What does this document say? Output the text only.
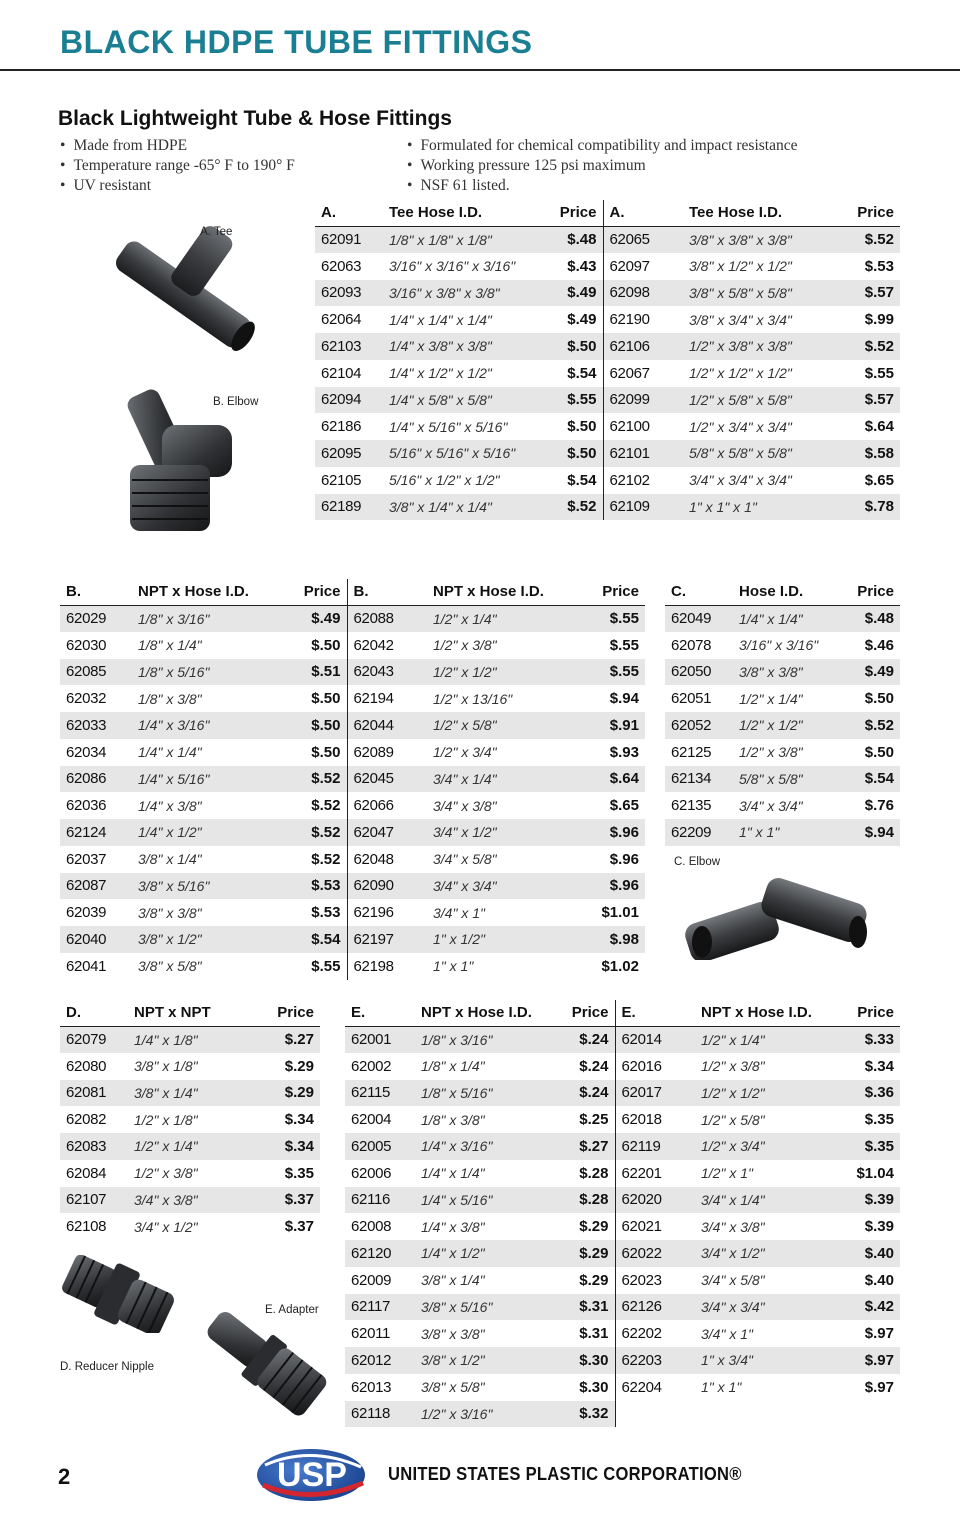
BLACK HDPE TUBE FITTINGS
Black Lightweight Tube & Hose Fittings
• Made from HDPE
• Temperature range -65° F to 190° F
• UV resistant
• Formulated for chemical compatibility and impact resistance
• Working pressure 125 psi maximum
• NSF 61 listed.
A. Tee
B. Elbow
C. Elbow
D. Reducer Nipple
E. Adapter
A.	Tee Hose I.D.	Price	A.	Tee Hose I.D.	Price
62091	1/8" x 1/8" x 1/8"	$.48	62065	3/8" x 3/8" x 3/8"	$.52
62063	3/16" x 3/16" x 3/16"	$.43	62097	3/8" x 1/2" x 1/2"	$.53
62093	3/16" x 3/8" x 3/8"	$.49	62098	3/8" x 5/8" x 5/8"	$.57
62064	1/4" x 1/4" x 1/4"	$.49	62190	3/8" x 3/4" x 3/4"	$.99
62103	1/4" x 3/8" x 3/8"	$.50	62106	1/2" x 3/8" x 3/8"	$.52
62104	1/4" x 1/2" x 1/2"	$.54	62067	1/2" x 1/2" x 1/2"	$.55
62094	1/4" x 5/8" x 5/8"	$.55	62099	1/2" x 5/8" x 5/8"	$.57
62186	1/4" x 5/16" x 5/16"	$.50	62100	1/2" x 3/4" x 3/4"	$.64
62095	5/16" x 5/16" x 5/16"	$.50	62101	5/8" x 5/8" x 5/8"	$.58
62105	5/16" x 1/2" x 1/2"	$.54	62102	3/4" x 3/4" x 3/4"	$.65
62189	3/8" x 1/4" x 1/4"	$.52	62109	1" x 1" x 1"	$.78
B.	NPT x Hose I.D.	Price	B.	NPT x Hose I.D.	Price
62029	1/8" x 3/16"	$.49	62088	1/2" x 1/4"	$.55
62030	1/8" x 1/4"	$.50	62042	1/2" x 3/8"	$.55
62085	1/8" x 5/16"	$.51	62043	1/2" x 1/2"	$.55
62032	1/8" x 3/8"	$.50	62194	1/2" x 13/16"	$.94
62033	1/4" x 3/16"	$.50	62044	1/2" x 5/8"	$.91
62034	1/4" x 1/4"	$.50	62089	1/2" x 3/4"	$.93
62086	1/4" x 5/16"	$.52	62045	3/4" x 1/4"	$.64
62036	1/4" x 3/8"	$.52	62066	3/4" x 3/8"	$.65
62124	1/4" x 1/2"	$.52	62047	3/4" x 1/2"	$.96
62037	3/8" x 1/4"	$.52	62048	3/4" x 5/8"	$.96
62087	3/8" x 5/16"	$.53	62090	3/4" x 3/4"	$.96
62039	3/8" x 3/8"	$.53	62196	3/4" x 1"	$1.01
62040	3/8" x 1/2"	$.54	62197	1" x 1/2"	$.98
62041	3/8" x 5/8"	$.55	62198	1" x 1"	$1.02
C.	Hose I.D.	Price
62049	1/4" x 1/4"	$.48
62078	3/16" x 3/16"	$.46
62050	3/8" x 3/8"	$.49
62051	1/2" x 1/4"	$.50
62052	1/2" x 1/2"	$.52
62125	1/2" x 3/8"	$.50
62134	5/8" x 5/8"	$.54
62135	3/4" x 3/4"	$.76
62209	1" x 1"	$.94
D.	NPT x NPT	Price
62079	1/4" x 1/8"	$.27
62080	3/8" x 1/8"	$.29
62081	3/8" x 1/4"	$.29
62082	1/2" x 1/8"	$.34
62083	1/2" x 1/4"	$.34
62084	1/2" x 3/8"	$.35
62107	3/4" x 3/8"	$.37
62108	3/4" x 1/2"	$.37
E.	NPT x Hose I.D.	Price	E.	NPT x Hose I.D.	Price
62001	1/8" x 3/16"	$.24	62014	1/2" x 1/4"	$.33
62002	1/8" x 1/4"	$.24	62016	1/2" x 3/8"	$.34
62115	1/8" x 5/16"	$.24	62017	1/2" x 1/2"	$.36
62004	1/8" x 3/8"	$.25	62018	1/2" x 5/8"	$.35
62005	1/4" x 3/16"	$.27	62119	1/2" x 3/4"	$.35
62006	1/4" x 1/4"	$.28	62201	1/2" x 1"	$1.04
62116	1/4" x 5/16"	$.28	62020	3/4" x 1/4"	$.39
62008	1/4" x 3/8"	$.29	62021	3/4" x 3/8"	$.39
62120	1/4" x 1/2"	$.29	62022	3/4" x 1/2"	$.40
62009	3/8" x 1/4"	$.29	62023	3/4" x 5/8"	$.40
62117	3/8" x 5/16"	$.31	62126	3/4" x 3/4"	$.42
62011	3/8" x 3/8"	$.31	62202	3/4" x 1"	$.97
62012	3/8" x 1/2"	$.30	62203	1" x 3/4"	$.97
62013	3/8" x 5/8"	$.30	62204	1" x 1"	$.97
62118	1/2" x 3/16"	$.32			
2	USP UNITED STATES PLASTIC CORPORATION®
